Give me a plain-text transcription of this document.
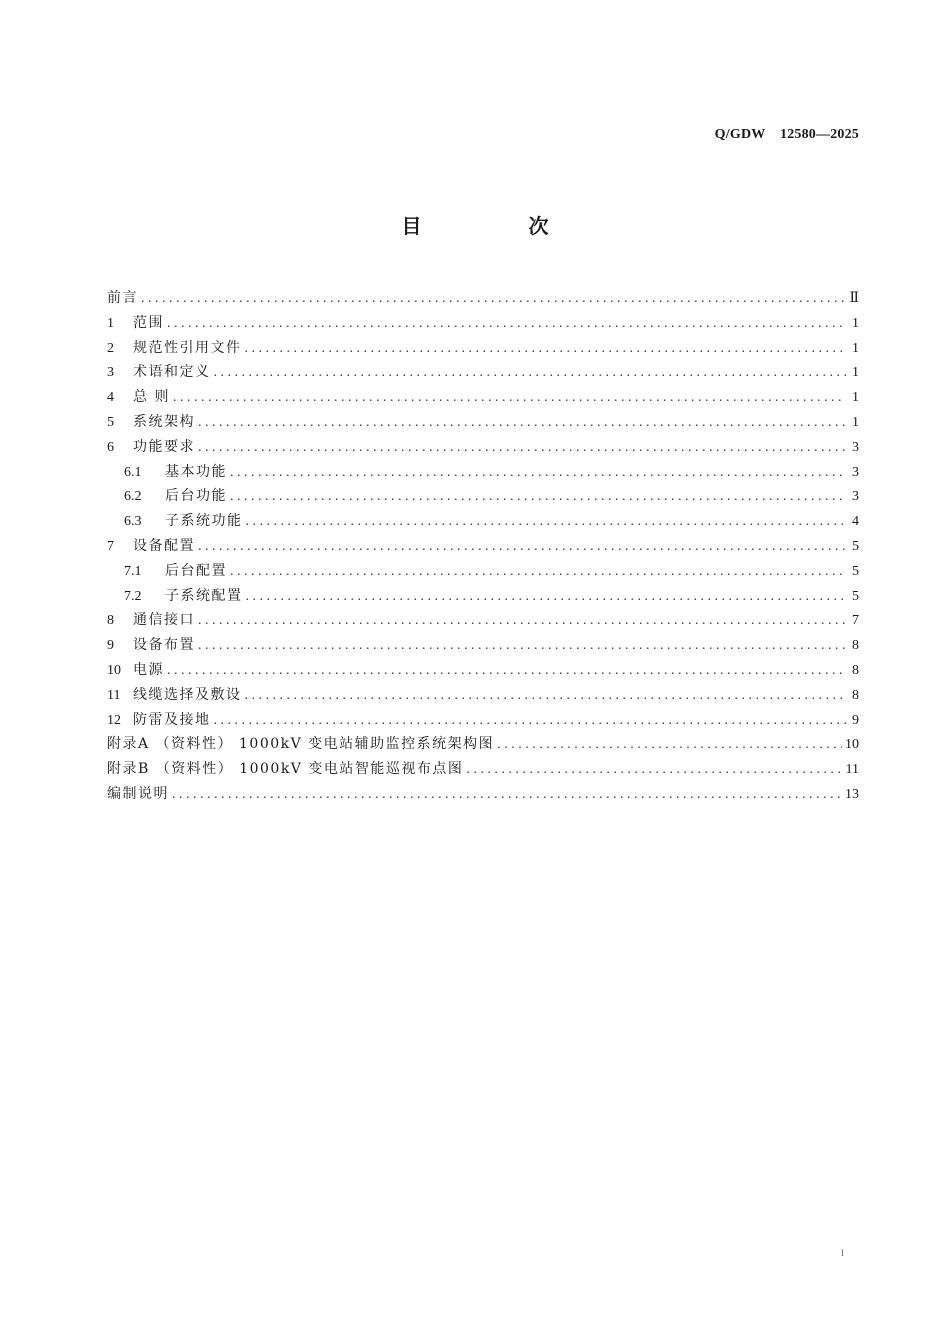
Q/GDW    12580—2025
目 次
前言 . . .	Ⅱ
1	范围 . . .	1
2	规范性引用文件 . . .	1
3	术语和定义 . . .	1
4	总 则 . . .	1
5	系统架构 . . .	1
6	功能要求 . . .	3
6.1	基本功能 . . .	3
6.2	后台功能 . . .	3
6.3	子系统功能 . . .	4
7	设备配置 . . .	5
7.1	后台配置 . . .	5
7.2	子系统配置 . . .	5
8	通信接口 . . .	7
9	设备布置 . . .	8
10 电源 . . .	8
11 线缆选择及敷设 . . .	8
12 防雷及接地 . . .	9
附录A （资料性） 1000kV 变电站辅助监控系统架构图 . . .	10
附录B （资料性） 1000kV 变电站智能巡视布点图 . . .	11
编制说明 . . .	13
I
